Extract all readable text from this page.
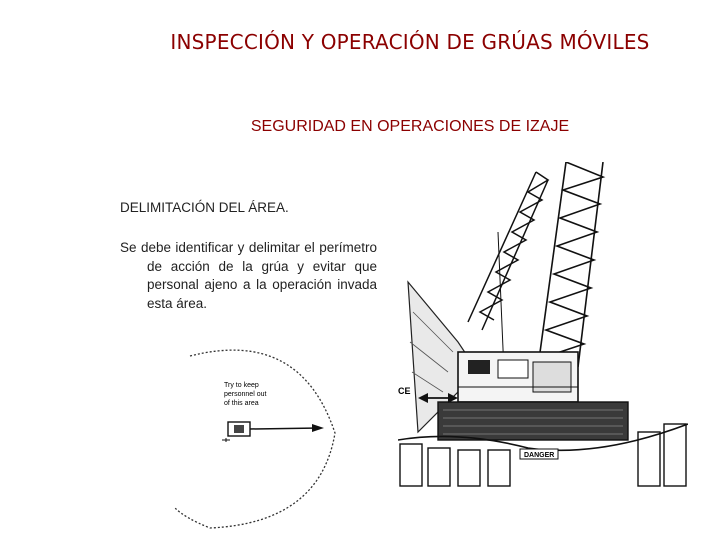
INSPECCIÓN Y OPERACIÓN DE GRÚAS MÓVILES
SEGURIDAD EN OPERACIONES DE IZAJE
DELIMITACIÓN DEL ÁREA.
Se debe identificar y delimitar el perímetro de acción de la grúa y evitar que personal ajeno a la operación invada esta área.
Try to keep
personnel out
of this area
DANGER
CE
